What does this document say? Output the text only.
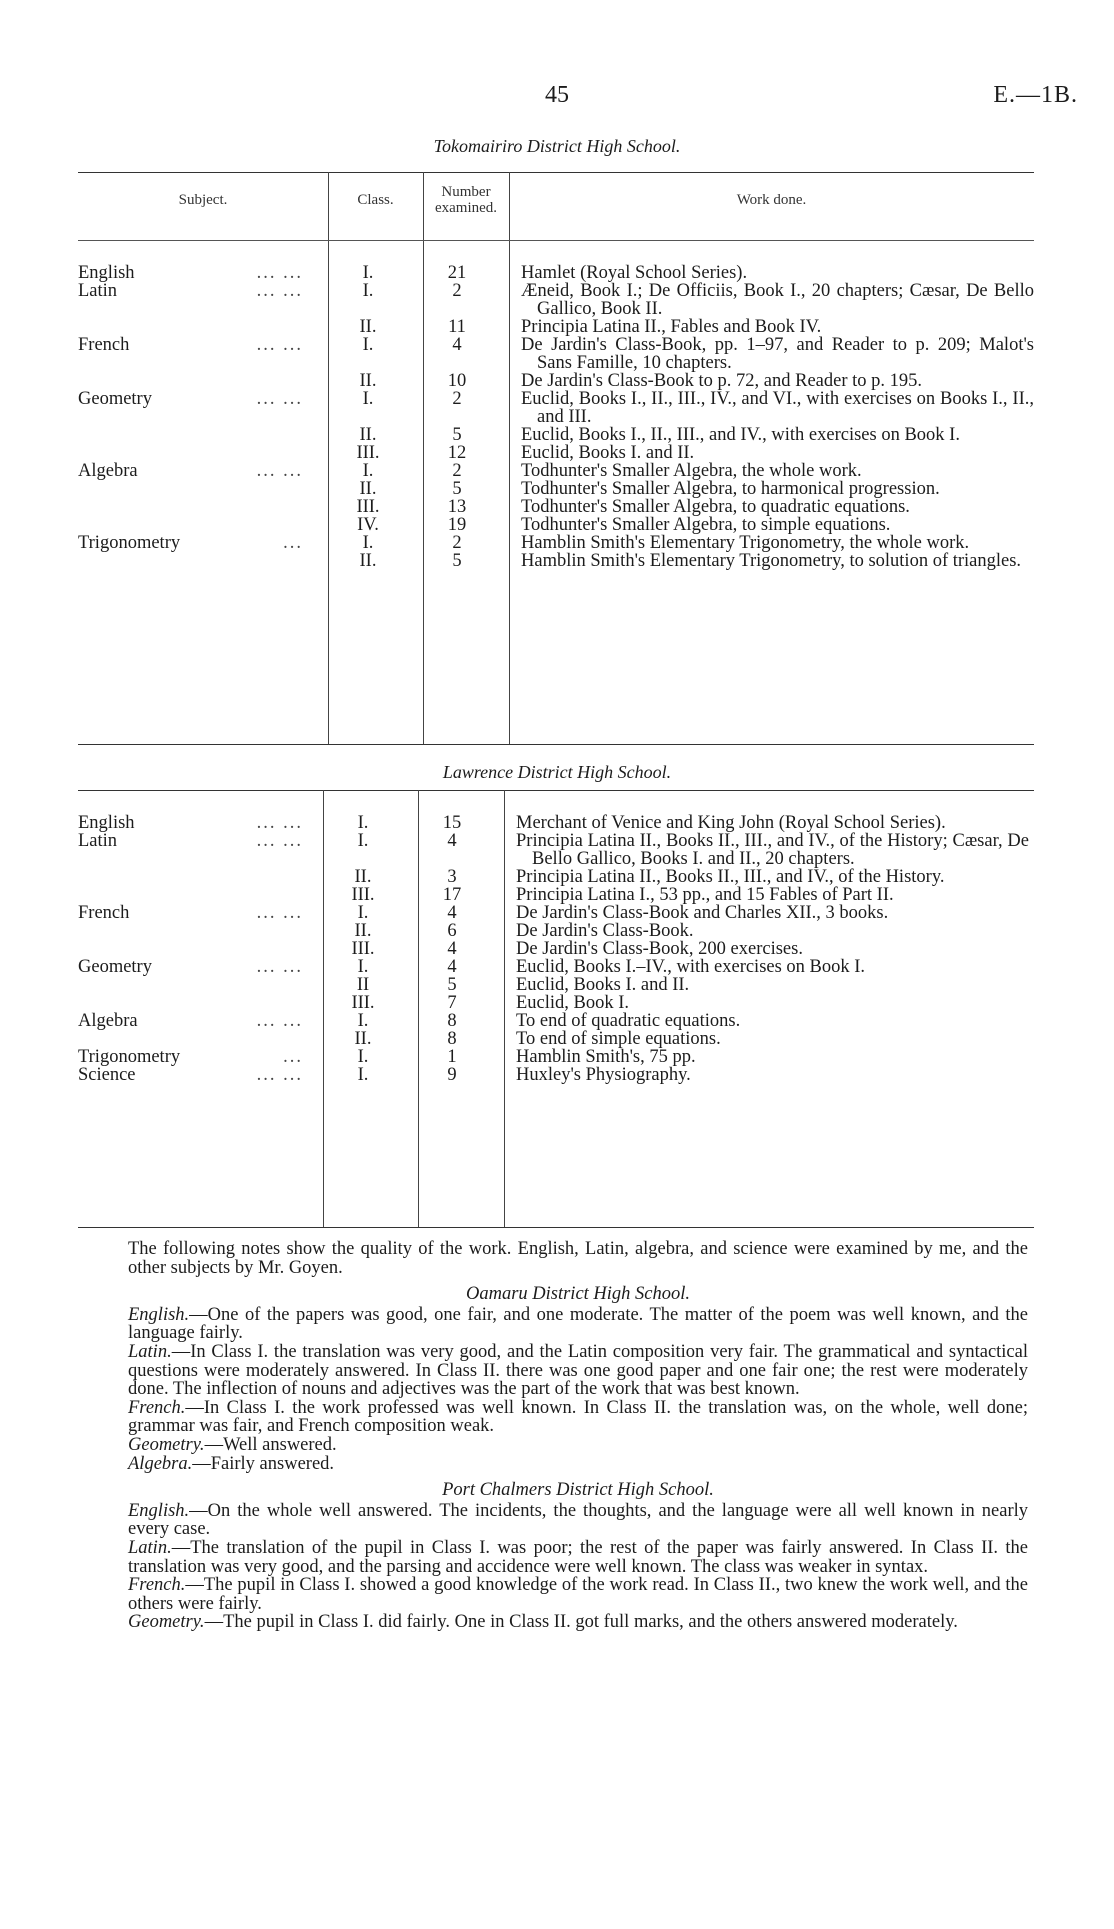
45	E.—1B.
Tokomairiro District High School.
Subject.	Class.	Number examined.	Work done.
English	... ...	I.	21	Hamlet (Royal School Series).
Latin	... ...	I.	2	Æneid, Book I.; De Officiis, Book I., 20 chapters; Cæsar, De Bello Gallico, Book II.
II.	11	Principia Latina II., Fables and Book IV.
French	... ...	I.	4	De Jardin's Class-Book, pp. 1–97, and Reader to p. 209; Malot's Sans Famille, 10 chapters.
II.	10	De Jardin's Class-Book to p. 72, and Reader to p. 195.
Geometry	... ...	I.	2	Euclid, Books I., II., III., IV., and VI., with exercises on Books I., II., and III.
II.	5	Euclid, Books I., II., III., and IV., with exercises on Book I.
III.	12	Euclid, Books I. and II.
Algebra	... ...	I.	2	Todhunter's Smaller Algebra, the whole work.
II.	5	Todhunter's Smaller Algebra, to harmonical progression.
III.	13	Todhunter's Smaller Algebra, to quadratic equations.
IV.	19	Todhunter's Smaller Algebra, to simple equations.
Trigonometry	...	I.	2	Hamblin Smith's Elementary Trigonometry, the whole work.
II.	5	Hamblin Smith's Elementary Trigonometry, to solution of triangles.
Lawrence District High School.
English	... ...	I.	15	Merchant of Venice and King John (Royal School Series).
Latin	... ...	I.	4	Principia Latina II., Books II., III., and IV., of the History; Cæsar, De Bello Gallico, Books I. and II., 20 chapters.
II.	3	Principia Latina II., Books II., III., and IV., of the History.
III.	17	Principia Latina I., 53 pp., and 15 Fables of Part II.
French	... ...	I.	4	De Jardin's Class-Book and Charles XII., 3 books.
II.	6	De Jardin's Class-Book.
III.	4	De Jardin's Class-Book, 200 exercises.
Geometry	... ...	I.	4	Euclid, Books I.–IV., with exercises on Book I.
II	5	Euclid, Books I. and II.
III.	7	Euclid, Book I.
Algebra	... ...	I.	8	To end of quadratic equations.
II.	8	To end of simple equations.
Trigonometry	...	I.	1	Hamblin Smith's, 75 pp.
Science	... ...	I.	9	Huxley's Physiography.

The following notes show the quality of the work. English, Latin, algebra, and science were examined by me, and the other subjects by Mr. Goyen.

Oamaru District High School.

English.—One of the papers was good, one fair, and one moderate. The matter of the poem was well known, and the language fairly.

Latin.—In Class I. the translation was very good, and the Latin composition very fair. The grammatical and syntactical questions were moderately answered. In Class II. there was one good paper and one fair one; the rest were moderately done. The inflection of nouns and adjectives was the part of the work that was best known.

French.—In Class I. the work professed was well known. In Class II. the translation was, on the whole, well done; grammar was fair, and French composition weak.

Geometry.—Well answered.

Algebra.—Fairly answered.

Port Chalmers District High School.

English.—On the whole well answered. The incidents, the thoughts, and the language were all well known in nearly every case.

Latin.—The translation of the pupil in Class I. was poor; the rest of the paper was fairly answered. In Class II. the translation was very good, and the parsing and accidence were well known. The class was weaker in syntax.

French.—The pupil in Class I. showed a good knowledge of the work read. In Class II., two knew the work well, and the others were fairly.

Geometry.—The pupil in Class I. did fairly. One in Class II. got full marks, and the others answered moderately.
